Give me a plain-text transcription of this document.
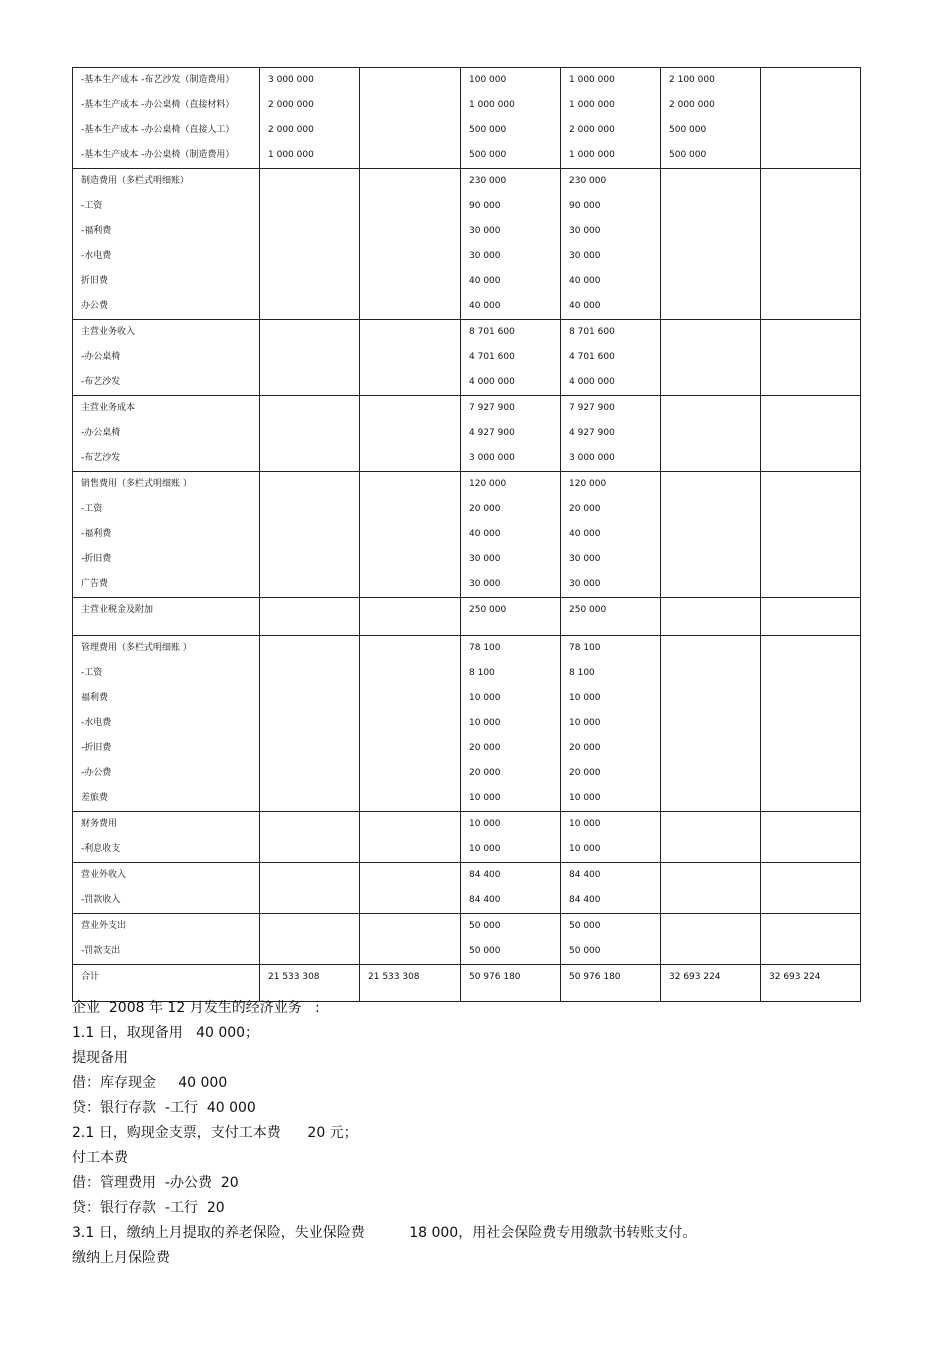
-基本生产成本 -布艺沙发（制造费用）	3 000 000		100 000	1 000 000	2 100 000	
-基本生产成本 -办公桌椅（直接材料）	2 000 000		1 000 000	1 000 000	2 000 000	
-基本生产成本 -办公桌椅（直接人工）	2 000 000		500 000	2 000 000	500 000	
-基本生产成本 -办公桌椅（制造费用）	1 000 000		500 000	1 000 000	500 000	
制造费用（多栏式明细账）			230 000	230 000		
-工资			90 000	90 000		
-福利费			30 000	30 000		
-水电费			30 000	30 000		
折旧费			40 000	40 000		
办公费			40 000	40 000		
主营业务收入			8 701 600	8 701 600		
-办公桌椅			4 701 600	4 701 600		
-布艺沙发			4 000 000	4 000 000		
主营业务成本			7 927 900	7 927 900		
-办公桌椅			4 927 900	4 927 900		
-布艺沙发			3 000 000	3 000 000		
销售费用（多栏式明细账 ）			120 000	120 000		
-工资			20 000	20 000		
-福利费			40 000	40 000		
-折旧费			30 000	30 000		
广告费			30 000	30 000		
主营业税金及附加			250 000	250 000		

管理费用（多栏式明细账 ）			78 100	78 100		
-工资			8 100	8 100		
福利费			10 000	10 000		
-水电费			10 000	10 000		
-折旧费			20 000	20 000		
-办公费			20 000	20 000		
差旅费			10 000	10 000		
财务费用			10 000	10 000		
-利息收支			10 000	10 000		
营业外收入			84 400	84 400		
-罚款收入			84 400	84 400		
营业外支出			50 000	50 000		
-罚款支出			50 000	50 000		
合计	21 533 308	21 533 308	50 976 180	50 976 180	32 693 224	32 693 224

企业  2008 年 12 月发生的经济业务   :

1.1 日，取现备用   40 000；

提现备用

借：库存现金     40 000

贷：银行存款  -工行  40 000

2.1 日，购现金支票，支付工本费      20 元；

付工本费

借：管理费用  -办公费  20

贷：银行存款  -工行  20

3.1 日，缴纳上月提取的养老保险，失业保险费          18 000，用社会保险费专用缴款书转账支付。

缴纳上月保险费
